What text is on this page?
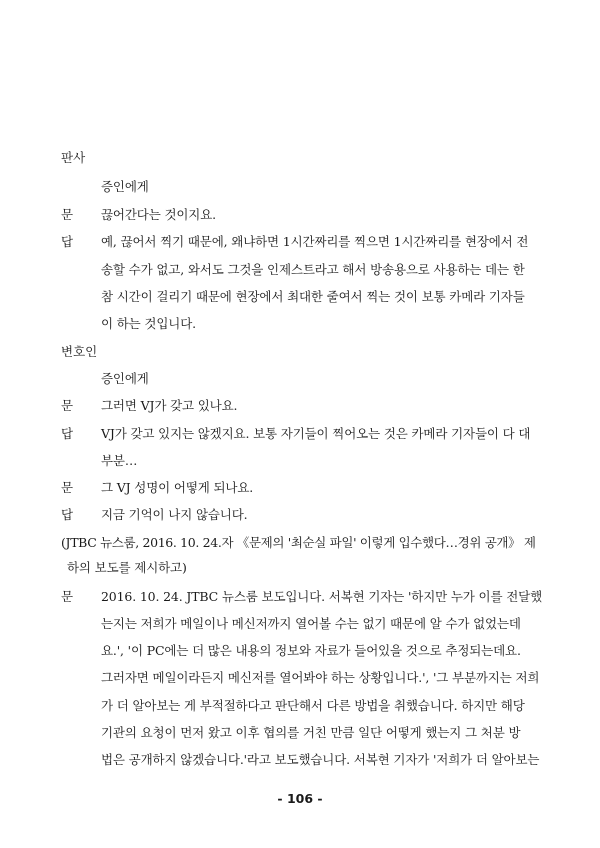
판사
증인에게
문 끊어간다는 것이지요.
답 예, 끊어서 찍기 때문에, 왜냐하면 1시간짜리를 찍으면 1시간짜리를 현장에서 전
송할 수가 없고, 와서도 그것을 인제스트라고 해서 방송용으로 사용하는 데는 한
참 시간이 걸리기 때문에 현장에서 최대한 줄여서 찍는 것이 보통 카메라 기자들
이 하는 것입니다.
변호인
증인에게
문 그러면 VJ가 갖고 있나요.
답 VJ가 갖고 있지는 않겠지요. 보통 자기들이 찍어오는 것은 카메라 기자들이 다 대
부분…
문 그 VJ 성명이 어떻게 되나요.
답 지금 기억이 나지 않습니다.
(JTBC 뉴스룸, 2016. 10. 24.자 《문제의 '최순실 파일' 이렇게 입수했다…경위 공개》 제
하의 보도를 제시하고)
문 2016. 10. 24. JTBC 뉴스룸 보도입니다. 서복현 기자는 '하지만 누가 이를 전달했
는지는 저희가 메일이나 메신저까지 열어볼 수는 없기 때문에 알 수가 없었는데
요.', '이 PC에는 더 많은 내용의 정보와 자료가 들어있을 것으로 추정되는데요.
그러자면 메일이라든지 메신저를 열어봐야 하는 상황입니다.', '그 부분까지는 저희
가 더 알아보는 게 부적절하다고 판단해서 다른 방법을 취했습니다. 하지만 해당
기관의 요청이 먼저 왔고 이후 협의를 거친 만큼 일단 어떻게 했는지 그 처분 방
법은 공개하지 않겠습니다.'라고 보도했습니다. 서복현 기자가 '저희가 더 알아보는
- 106 -
